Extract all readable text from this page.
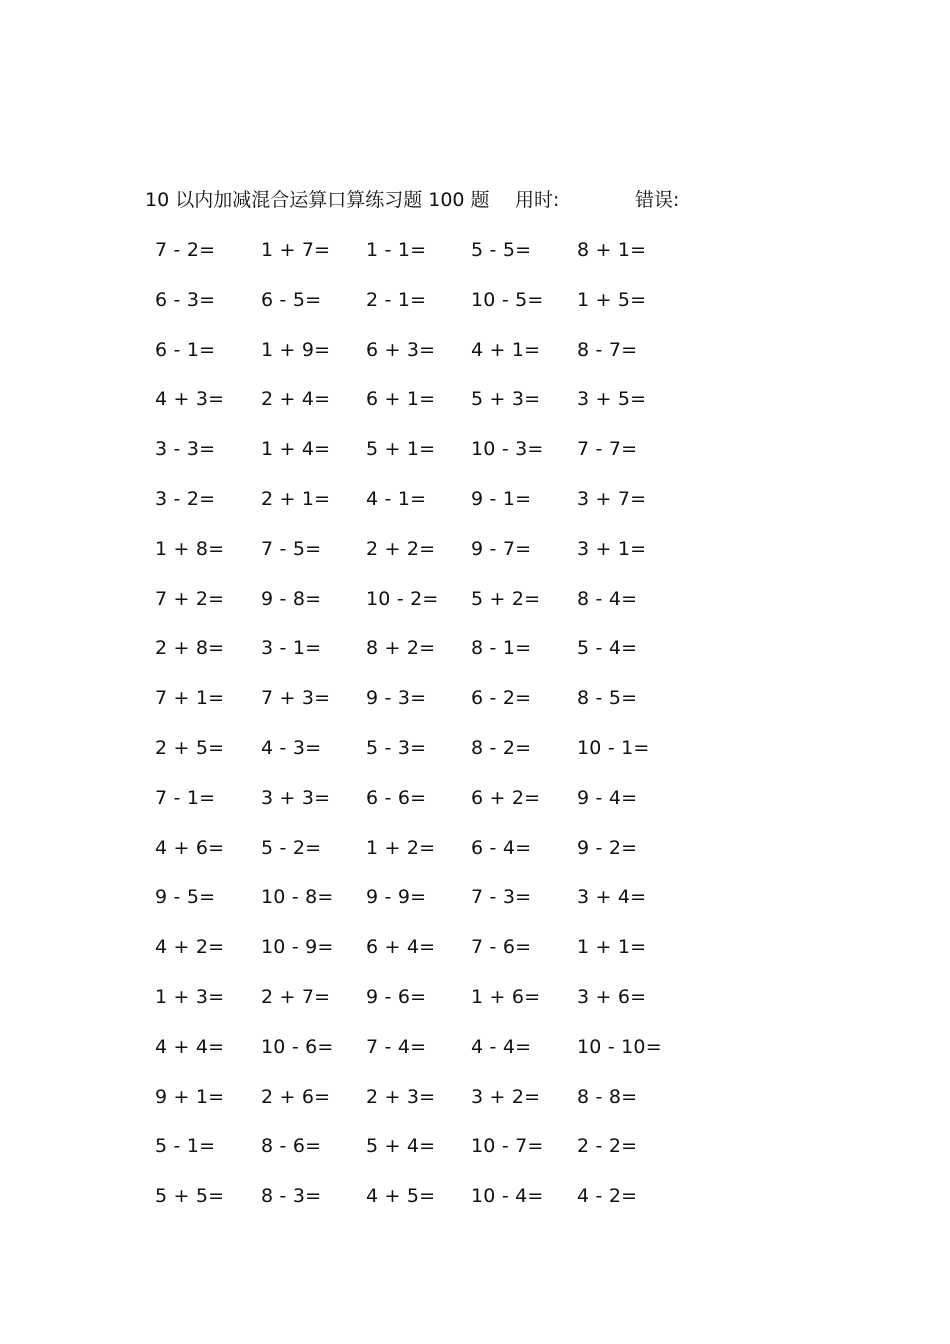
10 以内加减混合运算口算练习题 100 题 用时:	错误:
7 - 2=	1 + 7=	1 - 1=	5 - 5=	8 + 1=
6 - 3=	6 - 5=	2 - 1=	10 - 5=	1 + 5=
6 - 1=	1 + 9=	6 + 3=	4 + 1=	8 - 7=
4 + 3=	2 + 4=	6 + 1=	5 + 3=	3 + 5=
3 - 3=	1 + 4=	5 + 1=	10 - 3=	7 - 7=
3 - 2=	2 + 1=	4 - 1=	9 - 1=	3 + 7=
1 + 8=	7 - 5=	2 + 2=	9 - 7=	3 + 1=
7 + 2=	9 - 8=	10 - 2=	5 + 2=	8 - 4=
2 + 8=	3 - 1=	8 + 2=	8 - 1=	5 - 4=
7 + 1=	7 + 3=	9 - 3=	6 - 2=	8 - 5=
2 + 5=	4 - 3=	5 - 3=	8 - 2=	10 - 1=
7 - 1=	3 + 3=	6 - 6=	6 + 2=	9 - 4=
4 + 6=	5 - 2=	1 + 2=	6 - 4=	9 - 2=
9 - 5=	10 - 8=	9 - 9=	7 - 3=	3 + 4=
4 + 2=	10 - 9=	6 + 4=	7 - 6=	1 + 1=
1 + 3=	2 + 7=	9 - 6=	1 + 6=	3 + 6=
4 + 4=	10 - 6=	7 - 4=	4 - 4=	10 - 10=
9 + 1=	2 + 6=	2 + 3=	3 + 2=	8 - 8=
5 - 1=	8 - 6=	5 + 4=	10 - 7=	2 - 2=
5 + 5=	8 - 3=	4 + 5=	10 - 4=	4 - 2=
